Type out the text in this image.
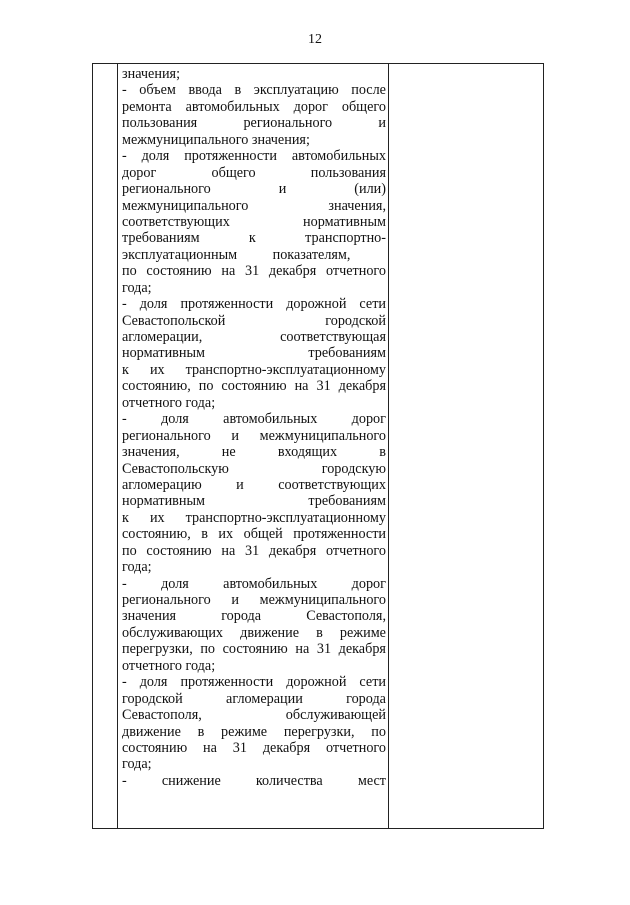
12
значения;
- объем ввода в эксплуатацию после
ремонта автомобильных дорог общего
пользования	регионального	и
межмуниципального значения;
- доля протяженности автомобильных
дорог	общего	пользования
регионального	и	(или)
межмуниципального	значения,
соответствующих	нормативным
требованиям	к	транспортно-
эксплуатационным	показателям,
по состоянию на 31 декабря отчетного
года;
- доля протяженности дорожной сети
Севастопольской	городской
агломерации,	соответствующая
нормативным	требованиям
к их транспортно-эксплуатационному
состоянию, по состоянию на 31 декабря
отчетного года;
- доля автомобильных дорог
регионального и межмуниципального
значения,	не	входящих	в
Севастопольскую	городскую
агломерацию и соответствующих
нормативным	требованиям
к их транспортно-эксплуатационному
состоянию, в их общей протяженности
по состоянию на 31 декабря отчетного
года;
- доля автомобильных дорог
регионального и межмуниципального
значения	города	Севастополя,
обслуживающих движение в режиме
перегрузки, по состоянию на 31 декабря
отчетного года;
- доля протяженности дорожной сети
городской	агломерации	города
Севастополя,	обслуживающей
движение в режиме перегрузки, по
состоянию на 31 декабря отчетного
года;
- снижение количества мест
